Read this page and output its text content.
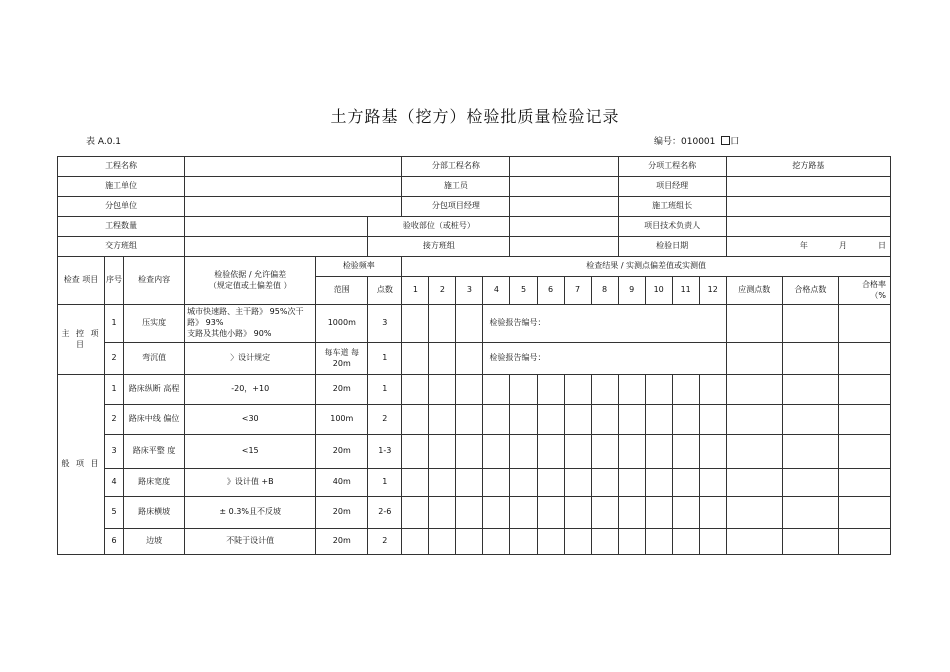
土方路基（挖方）检验批质量检验记录
表 A.0.1	编号：010001 口
工程名称						分部工程名称								分项工程名称				挖方路基		
施工单位						施工员								项目经理						
分包单位						分包项目经理								施工班组长						
工程数量					验收部位（或桩号）									项目技术负责人						
交方班组					接方班组									检验日期				年 月 日		
检查 项目	序号	检查内容	检验依据 / 允许偏差
（规定值或土偏差值 ）	检验频率		检查结果 / 实测点偏差值或实测值														
				范围	点数	1	2	3	4	5	6	7	8	9	10	11	12	应测点数	合格点数	合格率
（%

主 控 项 目	1	压实度	城市快速路、主干路》 95%次干
路》 93%
支路及其他小路》 90%	1000m	3				检验报告编号：											
	2	弯沉值	〉设计规定	每车道 每 20m	1				检验报告编号：											
般 项 目	1	路床纵断 高程	-20，+10	20m	1															
	2	路床中线 偏位	<30	100m	2															
	3	路床平整 度	<15	20m	1-3															
	4	路床宽度	》设计值 +B	40m	1															
	5	路床横坡	± 0.3%且不反坡	20m	2-6															
	6	边坡	不陡于设计值	20m	2															
